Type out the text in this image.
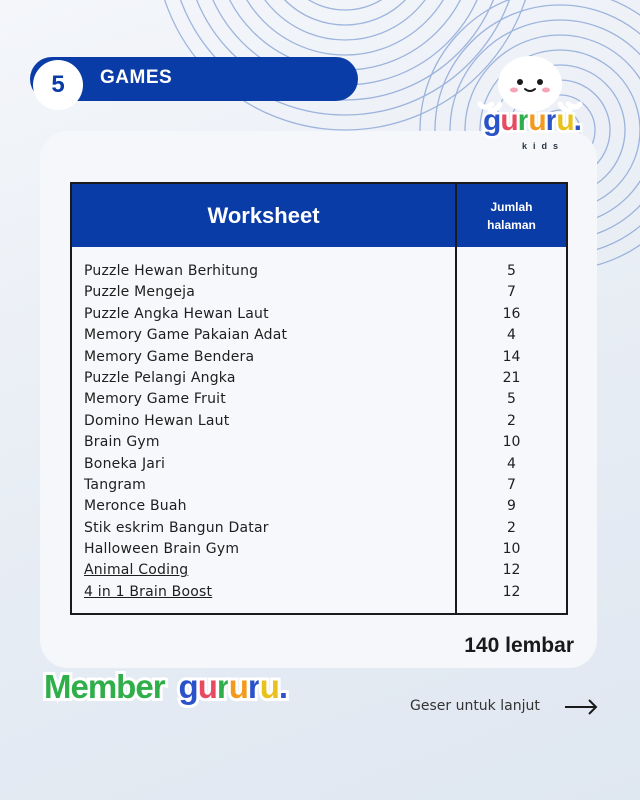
5	GAMES
gururu.
kids
Worksheet	Jumlah halaman
Puzzle Hewan Berhitung	5
Puzzle Mengeja	7
Puzzle Angka Hewan Laut	16
Memory Game Pakaian Adat	4
Memory Game Bendera	14
Puzzle Pelangi Angka	21
Memory Game Fruit	5
Domino Hewan Laut	2
Brain Gym	10
Boneka Jari	4
Tangram	7
Meronce Buah	9
Stik eskrim Bangun Datar	2
Halloween Brain Gym	10
Animal Coding	12
4 in 1 Brain Boost	12
140 lembar
Member gururu.
Geser untuk lanjut
